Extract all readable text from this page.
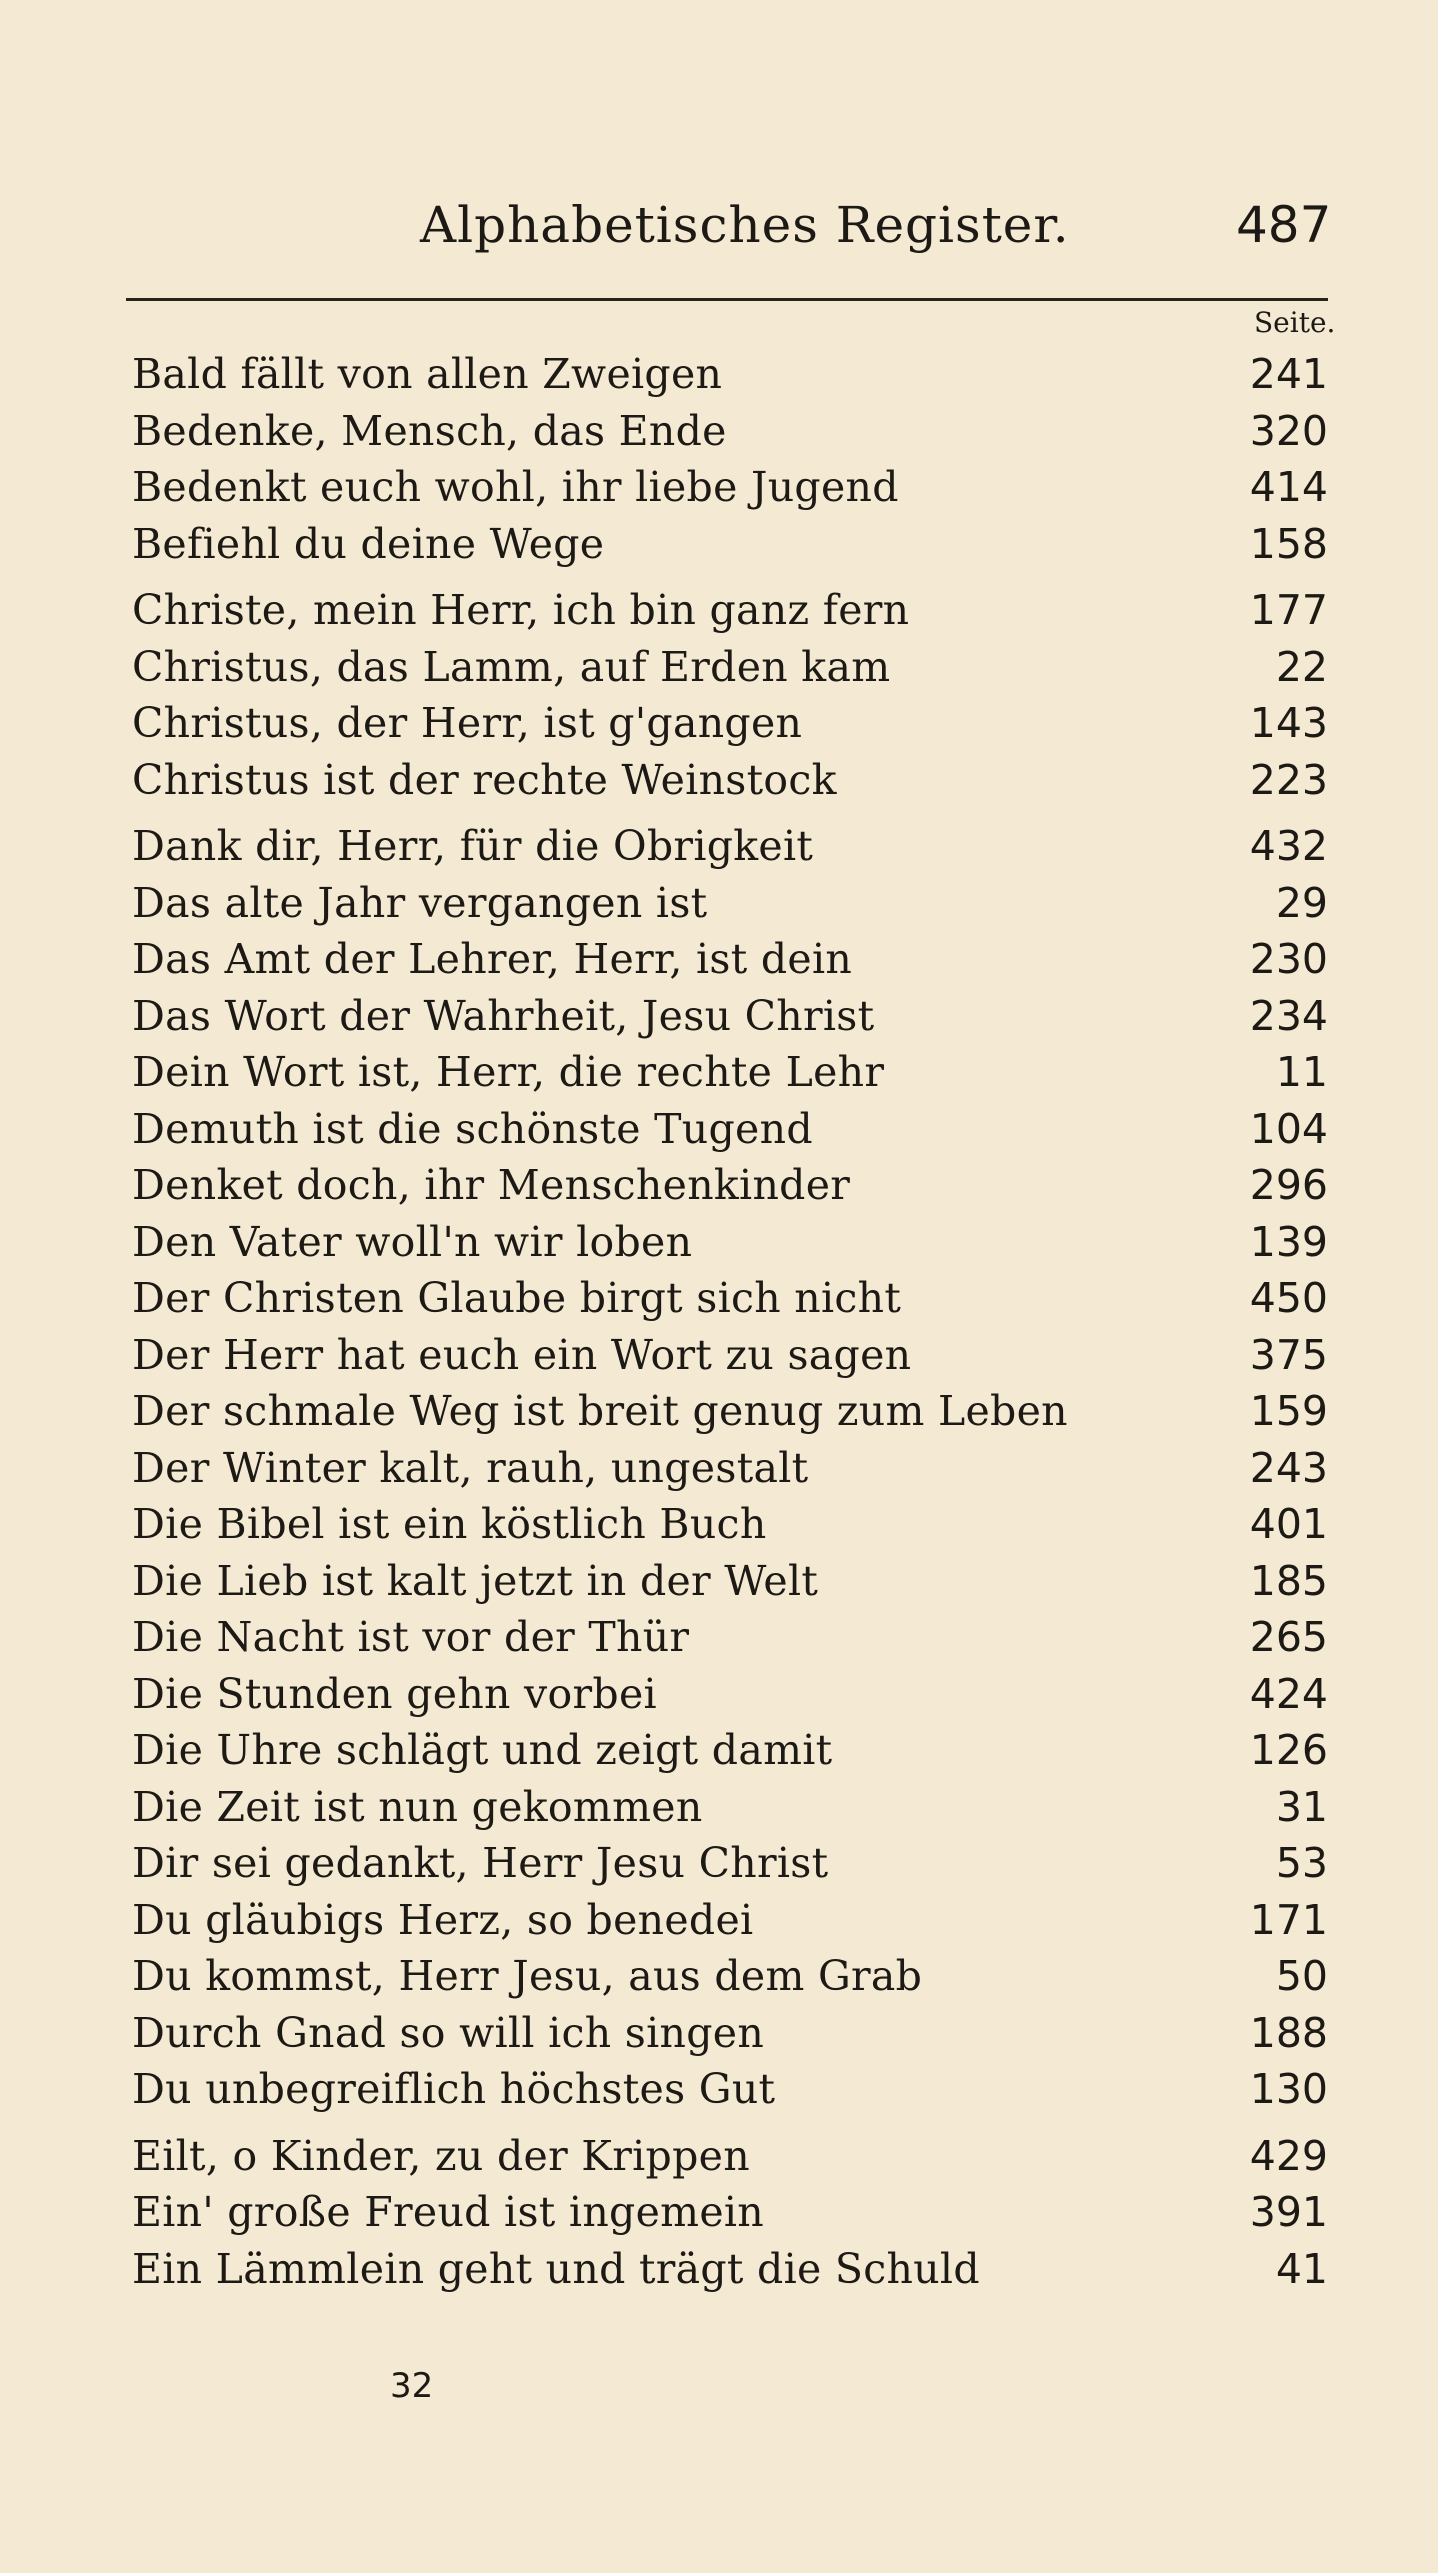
Alphabetisches Register.	487
Seite.
Bald fällt von allen Zweigen	241
Bedenke, Mensch, das Ende	320
Bedenkt euch wohl, ihr liebe Jugend	414
Befiehl du deine Wege	158
Christe, mein Herr, ich bin ganz fern	177
Christus, das Lamm, auf Erden kam	22
Christus, der Herr, ist g'gangen	143
Christus ist der rechte Weinstock	223
Dank dir, Herr, für die Obrigkeit	432
Das alte Jahr vergangen ist	29
Das Amt der Lehrer, Herr, ist dein	230
Das Wort der Wahrheit, Jesu Christ	234
Dein Wort ist, Herr, die rechte Lehr	11
Demuth ist die schönste Tugend	104
Denket doch, ihr Menschenkinder	296
Den Vater woll'n wir loben	139
Der Christen Glaube birgt sich nicht	450
Der Herr hat euch ein Wort zu sagen	375
Der schmale Weg ist breit genug zum Leben	159
Der Winter kalt, rauh, ungestalt	243
Die Bibel ist ein köstlich Buch	401
Die Lieb ist kalt jetzt in der Welt	185
Die Nacht ist vor der Thür	265
Die Stunden gehn vorbei	424
Die Uhre schlägt und zeigt damit	126
Die Zeit ist nun gekommen	31
Dir sei gedankt, Herr Jesu Christ	53
Du gläubigs Herz, so benedei	171
Du kommst, Herr Jesu, aus dem Grab	50
Durch Gnad so will ich singen	188
Du unbegreiflich höchstes Gut	130
Eilt, o Kinder, zu der Krippen	429
Ein' große Freud ist ingemein	391
Ein Lämmlein geht und trägt die Schuld	41
32
